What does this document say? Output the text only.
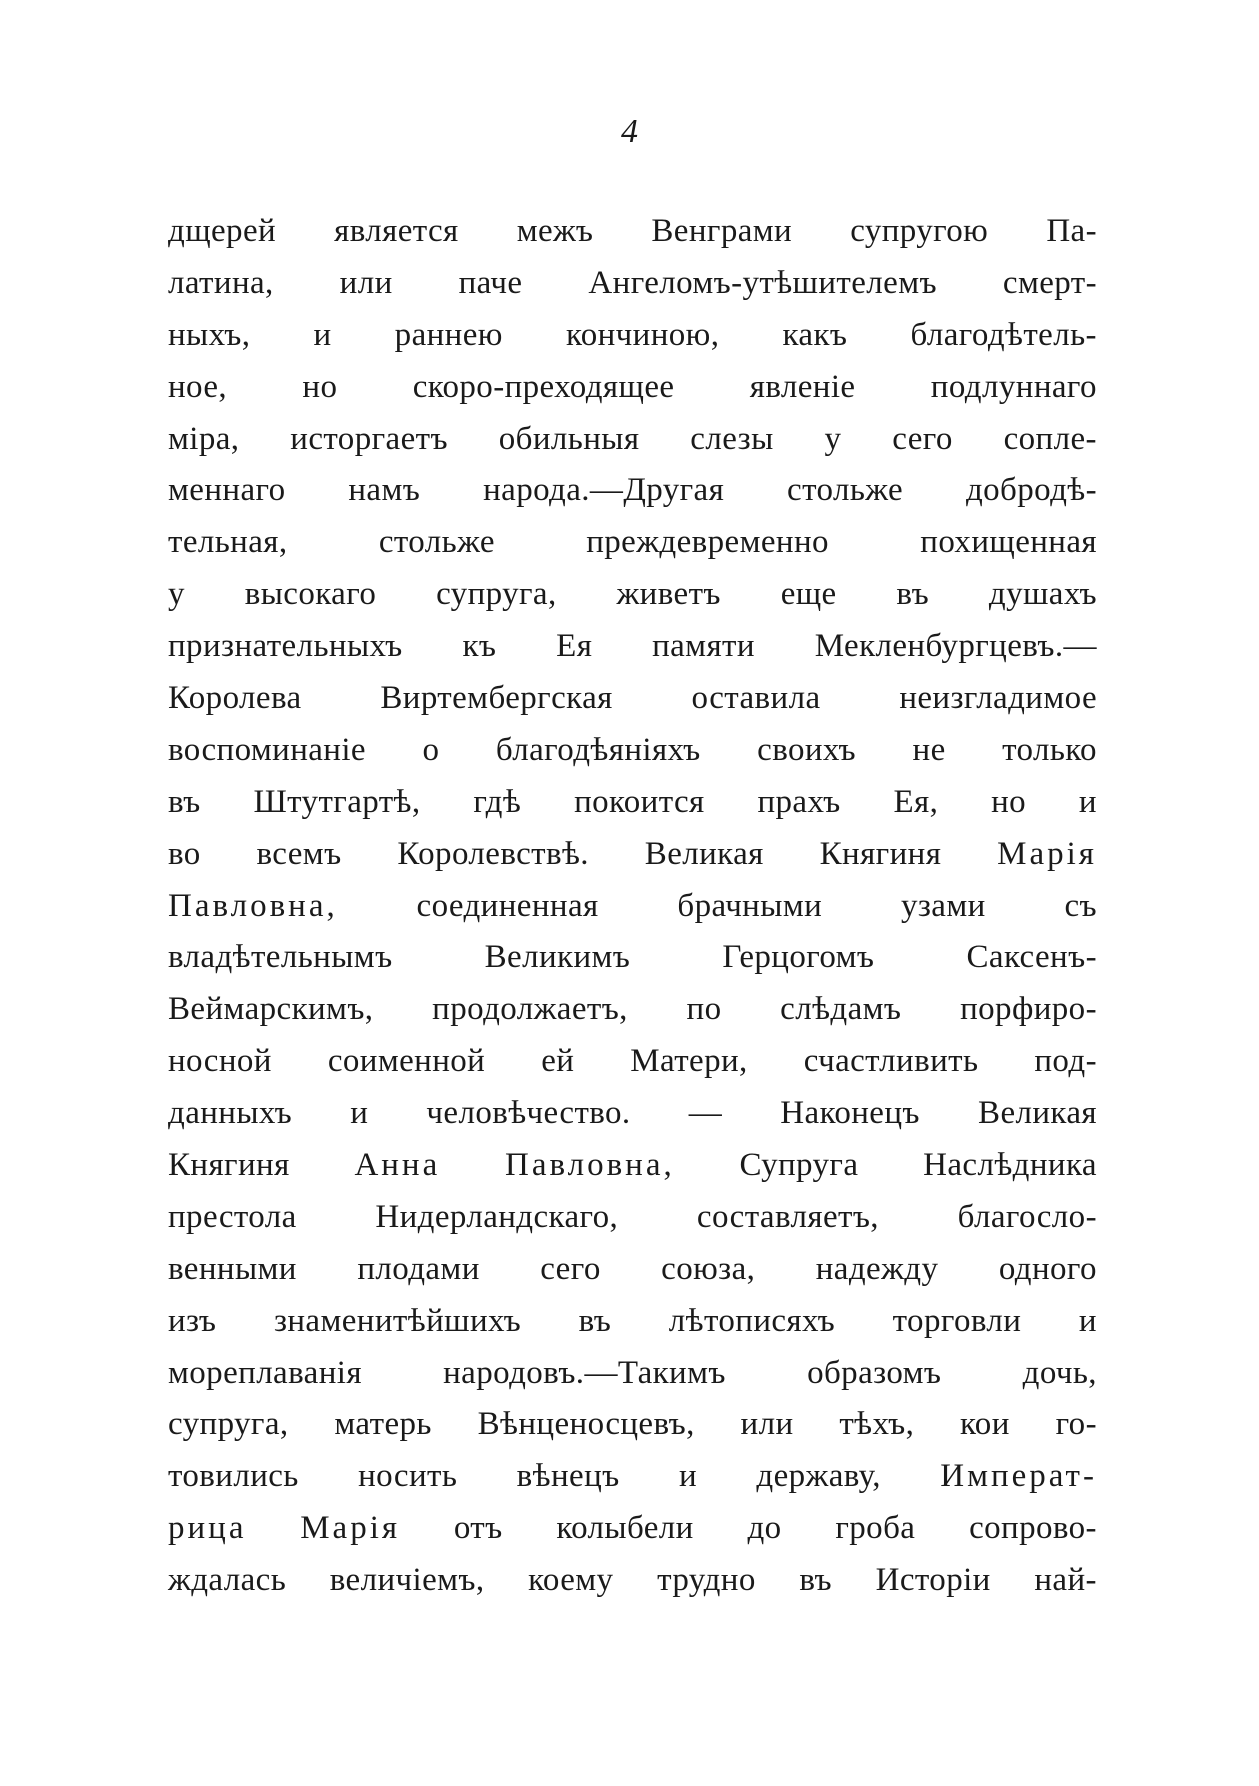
4
дщерей является межъ Венграми супругою Па-
латина, или паче Ангеломъ-утѣшителемъ смерт-
ныхъ, и раннею кончиною, какъ благодѣтель-
ное, но скоро-преходящее явленіе подлуннаго
міра, исторгаетъ обильныя слезы у сего сопле-
меннаго намъ народа.—Другая стольже добродѣ-
тельная,	стольже	преждевременно	похищенная
у высокаго супруга, живетъ еще въ душахъ
признательныхъ къ Ея памяти Мекленбургцевъ.—
Королева Виртембергская оставила неизгладимое
воспоминаніе о благодѣяніяхъ своихъ не только
въ Штутгартѣ, гдѣ покоится прахъ Ея, но и
во всемъ Королевствѣ. Великая Княгиня Марія
Павловна, соединенная брачными узами съ
владѣтельнымъ	Великимъ	Герцогомъ	Саксенъ-
Веймарскимъ, продолжаетъ, по слѣдамъ порфиро-
носной соименной ей Матери, счастливить под-
данныхъ и человѣчество. — Наконецъ Великая
Княгиня Анна Павловна, Супруга Наслѣдника
престола Нидерландскаго, составляетъ, благосло-
венными плодами сего союза, надежду одного
изъ знаменитѣйшихъ въ лѣтописяхъ торговли и
мореплаванія народовъ.—Такимъ образомъ дочь,
супруга, матерь Вѣнценосцевъ, или тѣхъ, кои го-
товились носить вѣнецъ и державу, Императ-
рица Марія отъ колыбели до гроба сопрово-
ждалась величіемъ, коему трудно въ Исторіи най-
